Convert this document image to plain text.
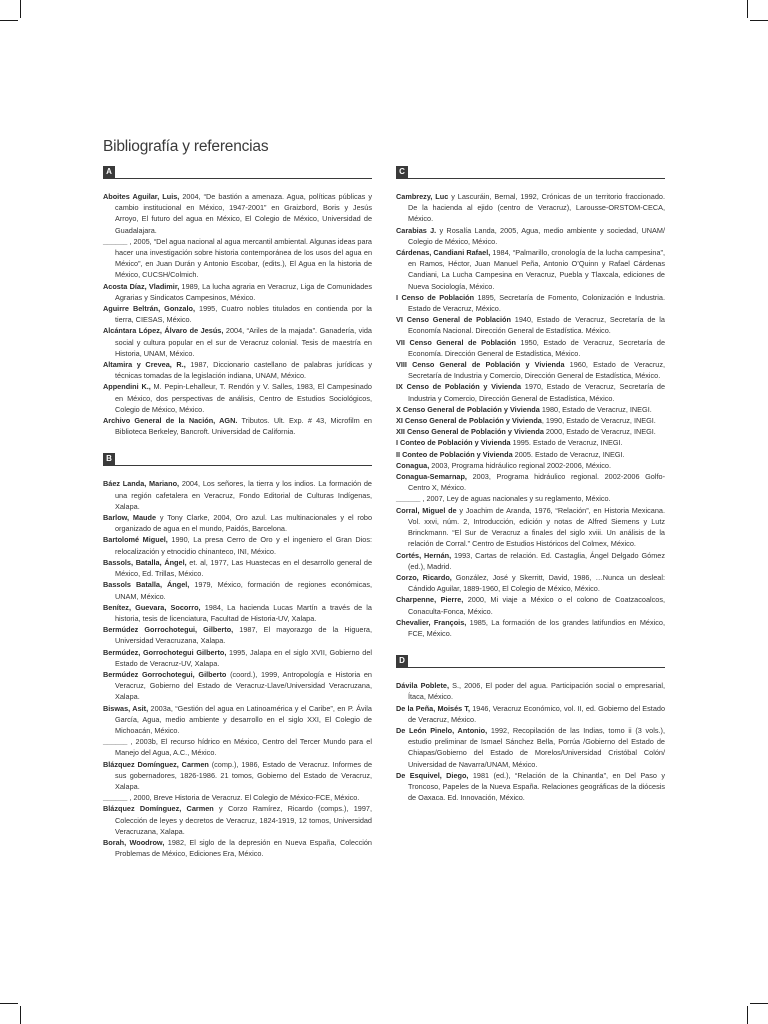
Bibliografía y referencias
A

Aboites Aguilar, Luis, 2004, “De bastión a amenaza. Agua, políticas públicas y cambio institucional en México, 1947-2001” en Graizbord, Boris y Jesús Arroyo, El futuro del agua en México, El Colegio de México, Universidad de Guadalajara.

______ , 2005, “Del agua nacional al agua mercantil ambiental. Algunas ideas para hacer una investigación sobre historia contemporánea de los usos del agua en México”, en Juan Durán y Antonio Escobar, (edits.), El Agua en la historia de México, CUCSH/Colmich.

Acosta Díaz, Vladimir, 1989, La lucha agraria en Veracruz, Liga de Comunidades Agrarias y Sindicatos Campesinos, México.

Aguirre Beltrán, Gonzalo, 1995, Cuatro nobles titulados en contienda por la tierra, CIESAS, México.

Alcántara López, Álvaro de Jesús, 2004, “Ariles de la majada”. Ganadería, vida social y cultura popular en el sur de Veracruz colonial. Tesis de maestría en Historia, UNAM, México.

Altamira y Crevea, R., 1987, Diccionario castellano de palabras jurídicas y técnicas tomadas de la legislación indiana, UNAM, México.

Appendini K., M. Pepin-Lehalleur, T. Rendón y V. Salles, 1983, El Campesinado en México, dos perspectivas de análisis, Centro de Estudios Sociológicos, Colegio de México, México.

Archivo General de la Nación, AGN. Tributos. Ult. Exp. # 43, Microfilm en Biblioteca Berkeley, Bancroft. Universidad de California.

B

Báez Landa, Mariano, 2004, Los señores, la tierra y los indios. La formación de una región cafetalera en Veracruz, Fondo Editorial de Culturas Indígenas, Xalapa.

Barlow, Maude y Tony Clarke, 2004, Oro azul. Las multinacionales y el robo organizado de agua en el mundo, Paidós, Barcelona.

Bartolomé Miguel, 1990, La presa Cerro de Oro y el ingeniero el Gran Dios: relocalización y etnocidio chinanteco, INI, México.

Bassols, Batalla, Ángel, et. al, 1977, Las Huastecas en el desarrollo general de México, Ed. Trillas, México.

Bassols Batalla, Ángel, 1979, México, formación de regiones económicas, UNAM, México.

Benítez, Guevara, Socorro, 1984, La hacienda Lucas Martín a través de la historia, tesis de licenciatura, Facultad de Historia-UV, Xalapa.

Bermúdez Gorrochotegui, Gilberto, 1987, El mayorazgo de la Higuera, Universidad Veracruzana, Xalapa.

Bermúdez, Gorrochotegui Gilberto, 1995, Jalapa en el siglo XVII, Gobierno del Estado de Veracruz-UV, Xalapa.

Bermúdez Gorrochotegui, Gilberto (coord.), 1999, Antropología e Historia en Veracruz, Gobierno del Estado de Veracruz-Llave/Universidad Veracruzana, Xalapa.

Biswas, Asit, 2003a, “Gestión del agua en Latinoamérica y el Caribe”, en P. Ávila García, Agua, medio ambiente y desarrollo en el siglo XXI, El Colegio de Michoacán, México.

______ , 2003b, El recurso hídrico en México, Centro del Tercer Mundo para el Manejo del Agua, A.C., México.

Blázquez Domínguez, Carmen (comp.), 1986, Estado de Veracruz. Informes de sus gobernadores, 1826-1986. 21 tomos, Gobierno del Estado de Veracruz, Xalapa.

______ , 2000, Breve Historia de Veracruz. El Colegio de México-FCE, México.

Blázquez Domínguez, Carmen y Corzo Ramírez, Ricardo (comps.), 1997, Colección de leyes y decretos de Veracruz, 1824-1919, 12 tomos, Universidad Veracruzana, Xalapa.

Borah, Woodrow, 1982, El siglo de la depresión en Nueva España, Colección Problemas de México, Ediciones Era, México.

C

Cambrezy, Luc y Lascuráin, Bernal, 1992, Crónicas de un territorio fraccionado. De la hacienda al ejido (centro de Veracruz), Larousse-ORSTOM-CECA, México.

Carabias J. y Rosalía Landa, 2005, Agua, medio ambiente y sociedad, UNAM/ Colegio de México, México.

Cárdenas, Candiani Rafael, 1984, “Palmarillo, cronología de la lucha campesina”, en Ramos, Héctor, Juan Manuel Peña, Antonio O’Quinn y Rafael Cárdenas Candiani, La Lucha Campesina en Veracruz, Puebla y Tlaxcala, ediciones de Nueva Sociología, México.

I Censo de Población 1895, Secretaría de Fomento, Colonización e Industria. Estado de Veracruz, México.

VI Censo General de Población 1940, Estado de Veracruz, Secretaría de la Economía Nacional. Dirección General de Estadística. México.

VII Censo General de Población 1950, Estado de Veracruz, Secretaría de Economía. Dirección General de Estadística, México.

VIII Censo General de Población y Vivienda 1960, Estado de Veracruz, Secretaría de Industria y Comercio, Dirección General de Estadística, México.

IX Censo de Población y Vivienda 1970, Estado de Veracruz, Secretaría de Industria y Comercio, Dirección General de Estadística, México.

X Censo General de Población y Vivienda 1980, Estado de Veracruz, INEGI.

XI Censo General de Población y Vivienda, 1990, Estado de Veracruz, INEGI.

XII Censo General de Población y Vivienda 2000, Estado de Veracruz, INEGI.

I Conteo de Población y Vivienda 1995. Estado de Veracruz, INEGI.

II Conteo de Población y Vivienda 2005. Estado de Veracruz, INEGI.

Conagua, 2003, Programa hidráulico regional 2002-2006, México.

Conagua-Semarnap, 2003, Programa hidráulico regional. 2002-2006 Golfo-Centro X, México.

______ , 2007, Ley de aguas nacionales y su reglamento, México.

Corral, Miguel de y Joachim de Aranda, 1976, “Relación”, en Historia Mexicana. Vol. xxvi, núm. 2, Introducción, edición y notas de Alfred Siemens y Lutz Brinckmann. “El Sur de Veracruz a finales del siglo xviii. Un análisis de la relación de Corral.” Centro de Estudios Históricos del Colmex, México.

Cortés, Hernán, 1993, Cartas de relación. Ed. Castaglia, Ángel Delgado Gómez (ed.), Madrid.

Corzo, Ricardo, González, José y Skerritt, David, 1986, …Nunca un desleal: Cándido Aguilar, 1889-1960, El Colegio de México, México.

Charpenne, Pierre, 2000, Mi viaje a México o el colono de Coatzacoalcos, Conaculta-Fonca, México.

Chevalier, François, 1985, La formación de los grandes latifundios en México, FCE, México.

D

Dávila Poblete, S., 2006, El poder del agua. Participación social o empresarial, Ítaca, México.

De la Peña, Moisés T, 1946, Veracruz Económico, vol. II, ed. Gobierno del Estado de Veracruz, México.

De León Pinelo, Antonio, 1992, Recopilación de las Indias, tomo ii (3 vols.), estudio preliminar de Ismael Sánchez Bella, Porrúa /Gobierno del Estado de Chiapas/Gobierno del Estado de Morelos/Universidad Cristóbal Colón/ Universidad de Navarra/UNAM, México.

De Esquivel, Diego, 1981 (ed.), “Relación de la Chinantla”, en Del Paso y Troncoso, Papeles de la Nueva España. Relaciones geográficas de la diócesis de Oaxaca. Ed. Innovación, México.
